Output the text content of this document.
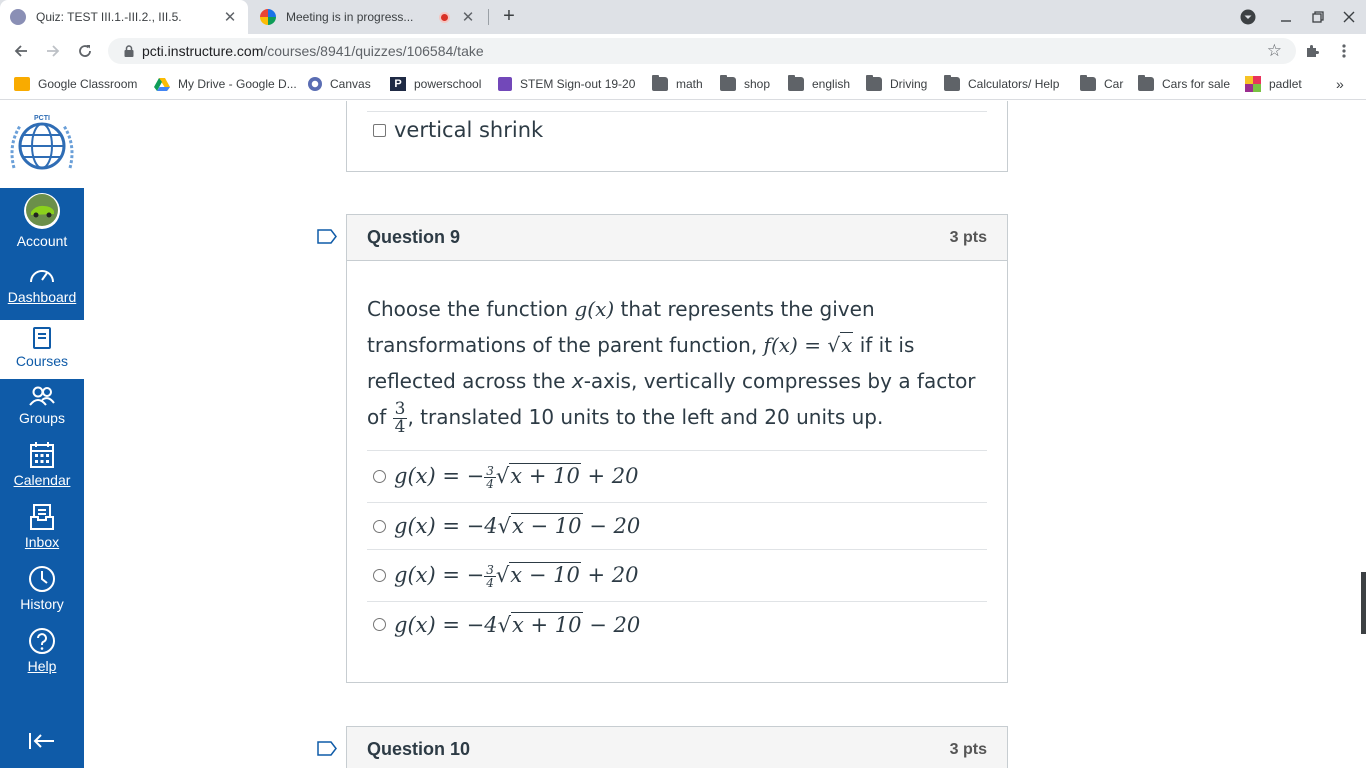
Quiz: TEST III.1.-III.2., III.5.	✕	Meeting is in progress...	✕ +
pcti.instructure.com /courses/8941/quizzes/106584/take	☆
Google Classroom	My Drive - Google D...	Canvas	P	powerschool	STEM Sign-out 19-20	math	shop	english	Driving	Calculators/ Help	Car	Cars for sale	padlet »
PCTI
Account
Dashboard
Courses
Groups
Calendar
Inbox
History
Help
vertical shrink
Question 9	3 pts
Choose the function g(x) that represents the given transformations of the parent function, f(x) = √x if it is reflected across the x-axis, vertically compresses by a factor of $\frac{3}{4}$ , translated 10 units to the left and 20 units up.
g(x) = − $\frac{3}{4} √x + 10 + 20$
g(x) = −4√x − 10 − 20
g(x) = − $\frac{3}{4} √x - 10 + 20$
g(x) = −4√x + 10 − 20
Question 10	3 pts
